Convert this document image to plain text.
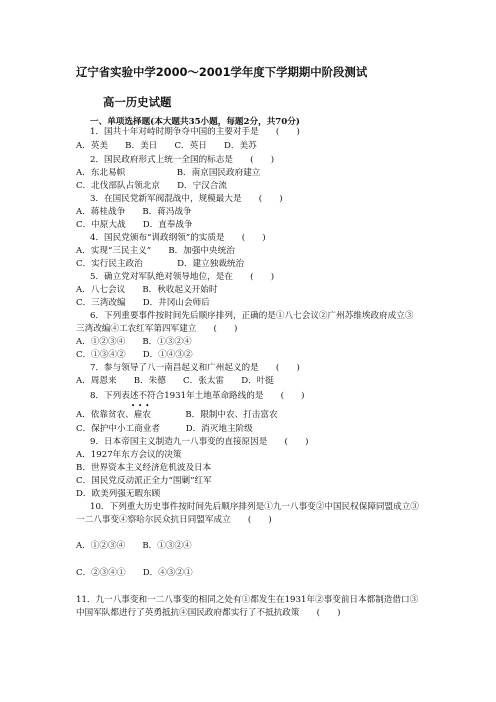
辽宁省实验中学2000～2001学年度下学期期中阶段测试
高一历史试题
一、单项选择题(本大题共35小题，每题2分，共70分)
1．国共十年对峙时期争夺中国的主要对手是　　(　　)
A．英美　　B．美日　　C．英日　　D．美苏
2．国民政府形式上统一全国的标志是　　(　　)
A．东北易帜　　　　　　B．南京国民政府建立
C．北伐部队占领北京　　D．宁汉合流
3．在国民党新军阀混战中，规模最大是　　(　　)
A．蒋桂战争　　B．蒋冯战争
C．中原大战　　D．直奉战争
4．国民党颁布“训政纲领”的实质是　　(　　)
A．实现“三民主义”　　B．加强中央统治
C．实行民主政治　　　　D．建立独裁统治
5．确立党对军队绝对领导地位，是在　　(　　)
A．八七会议　　B．秋收起义开始时
C．三湾改编　　D．井冈山会师后
6．下列重要事件按时间先后顺序排列，正确的是①八七会议②广州苏维埃政府成立③
三湾改编④工农红军第四军建立　　(　　)
A．①②③④　　B．①③②④
C．①③④②　　D．①④③②
7．参与领导了八一南昌起义和广州起义的是　　(　　)
A．周恩来　　B．朱德　　C．张太雷　　D．叶挺
8．下列表述不符合1931年土地革命路线的是　　(　　)
•••
A．依靠贫农、雇农　　　　B．限制中农、打击富农
C．保护中小工商业者　　　D．消灭地主阶级
9．日本帝国主义制造九一八事变的直接原因是　　(　　)
A．1927年东方会议的决策
B．世界资本主义经济危机波及日本
C．国民党反动派正全力“围剿”红军
D．欧美列强无暇东顾
10．下列重大历史事件按时间先后顺序排列是①九一八事变②中国民权保障同盟成立③
一二八事变④察哈尔民众抗日同盟军成立　　(　　)
A．①②③④　　B．①③②④
C．②③④①　　D．④③②①
11．九一八事变和一二八事变的相同之处有①都发生在1931年②事变前日本都制造借口③
中国军队都进行了英勇抵抗④国民政府都实行了不抵抗政策　　(　　)
